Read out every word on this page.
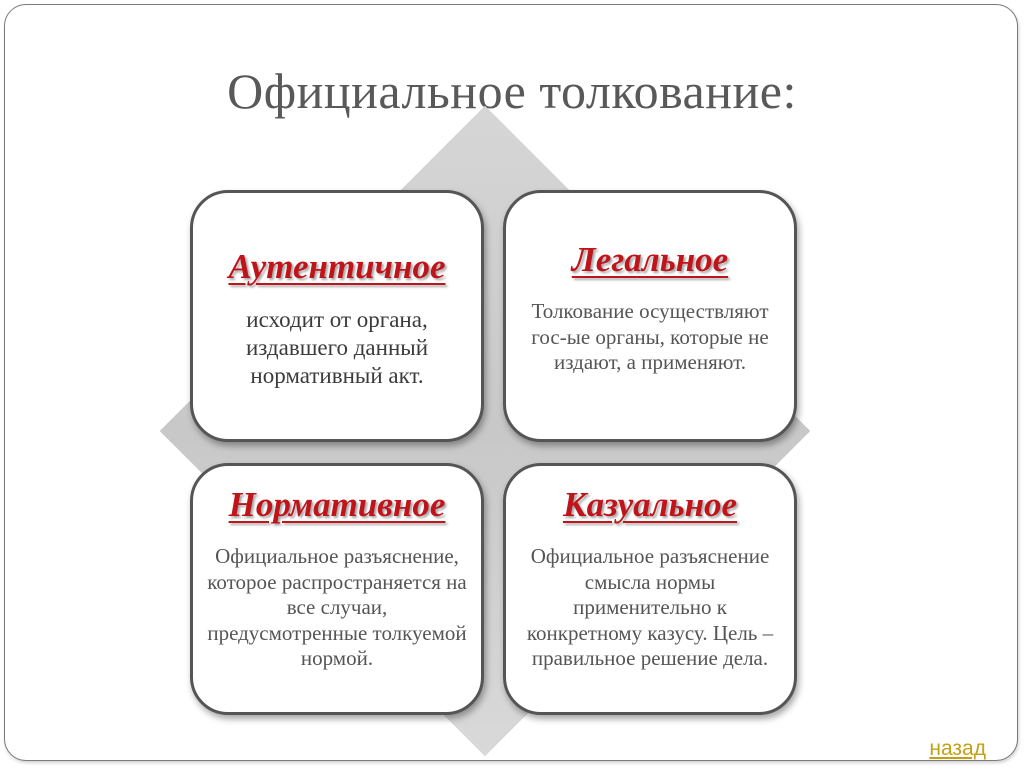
Официальное толкование:
Аутентичное
исходит от органа, издавшего данный нормативный акт.
Легальное
Толкование осуществляют гос-ые органы, которые не издают, а применяют.
Нормативное
Официальное разъяснение, которое распространяется на все случаи, предусмотренные толкуемой нормой.
Казуальное
Официальное разъяснение смысла нормы применительно к конкретному казусу. Цель – правильное решение дела.
назад
